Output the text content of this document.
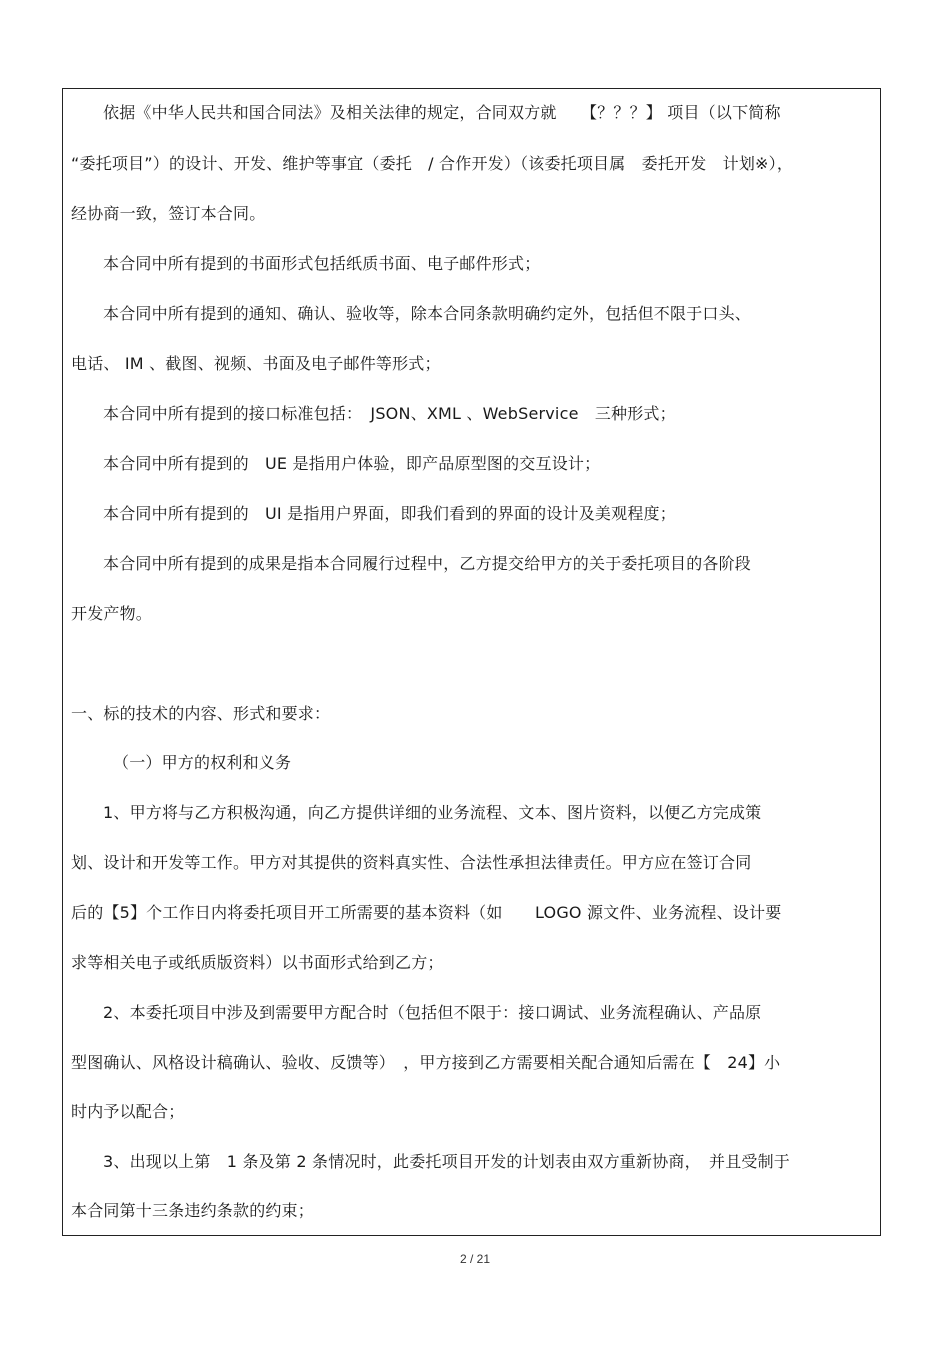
依据《中华人民共和国合同法》及相关法律的规定，合同双方就　　【？？？】 项目（以下简称
“委托项目”）的设计、开发、维护等事宜（委托　/ 合作开发）（该委托项目属　委托开发　计划※），
经协商一致，签订本合同。
本合同中所有提到的书面形式包括纸质书面、电子邮件形式；
本合同中所有提到的通知、确认、验收等，除本合同条款明确约定外，包括但不限于口头、
电话、 IM 、截图、视频、书面及电子邮件等形式；
本合同中所有提到的接口标准包括：　JSON、XML 、WebService　三种形式；
本合同中所有提到的　UE 是指用户体验，即产品原型图的交互设计；
本合同中所有提到的　UI 是指用户界面，即我们看到的界面的设计及美观程度；
本合同中所有提到的成果是指本合同履行过程中，乙方提交给甲方的关于委托项目的各阶段
开发产物。
一、标的技术的内容、形式和要求：
（一）甲方的权利和义务
1、甲方将与乙方积极沟通，向乙方提供详细的业务流程、文本、图片资料，以便乙方完成策
划、设计和开发等工作。甲方对其提供的资料真实性、合法性承担法律责任。甲方应在签订合同
后的【5】个工作日内将委托项目开工所需要的基本资料（如　　LOGO 源文件、业务流程、设计要
求等相关电子或纸质版资料）以书面形式给到乙方；
2、本委托项目中涉及到需要甲方配合时（包括但不限于：接口调试、业务流程确认、产品原
型图确认、风格设计稿确认、验收、反馈等）　，甲方接到乙方需要相关配合通知后需在【　24】小
时内予以配合；
3、出现以上第　1 条及第 2 条情况时，此委托项目开发的计划表由双方重新协商，　并且受制于
本合同第十三条违约条款的约束；
2 / 21
